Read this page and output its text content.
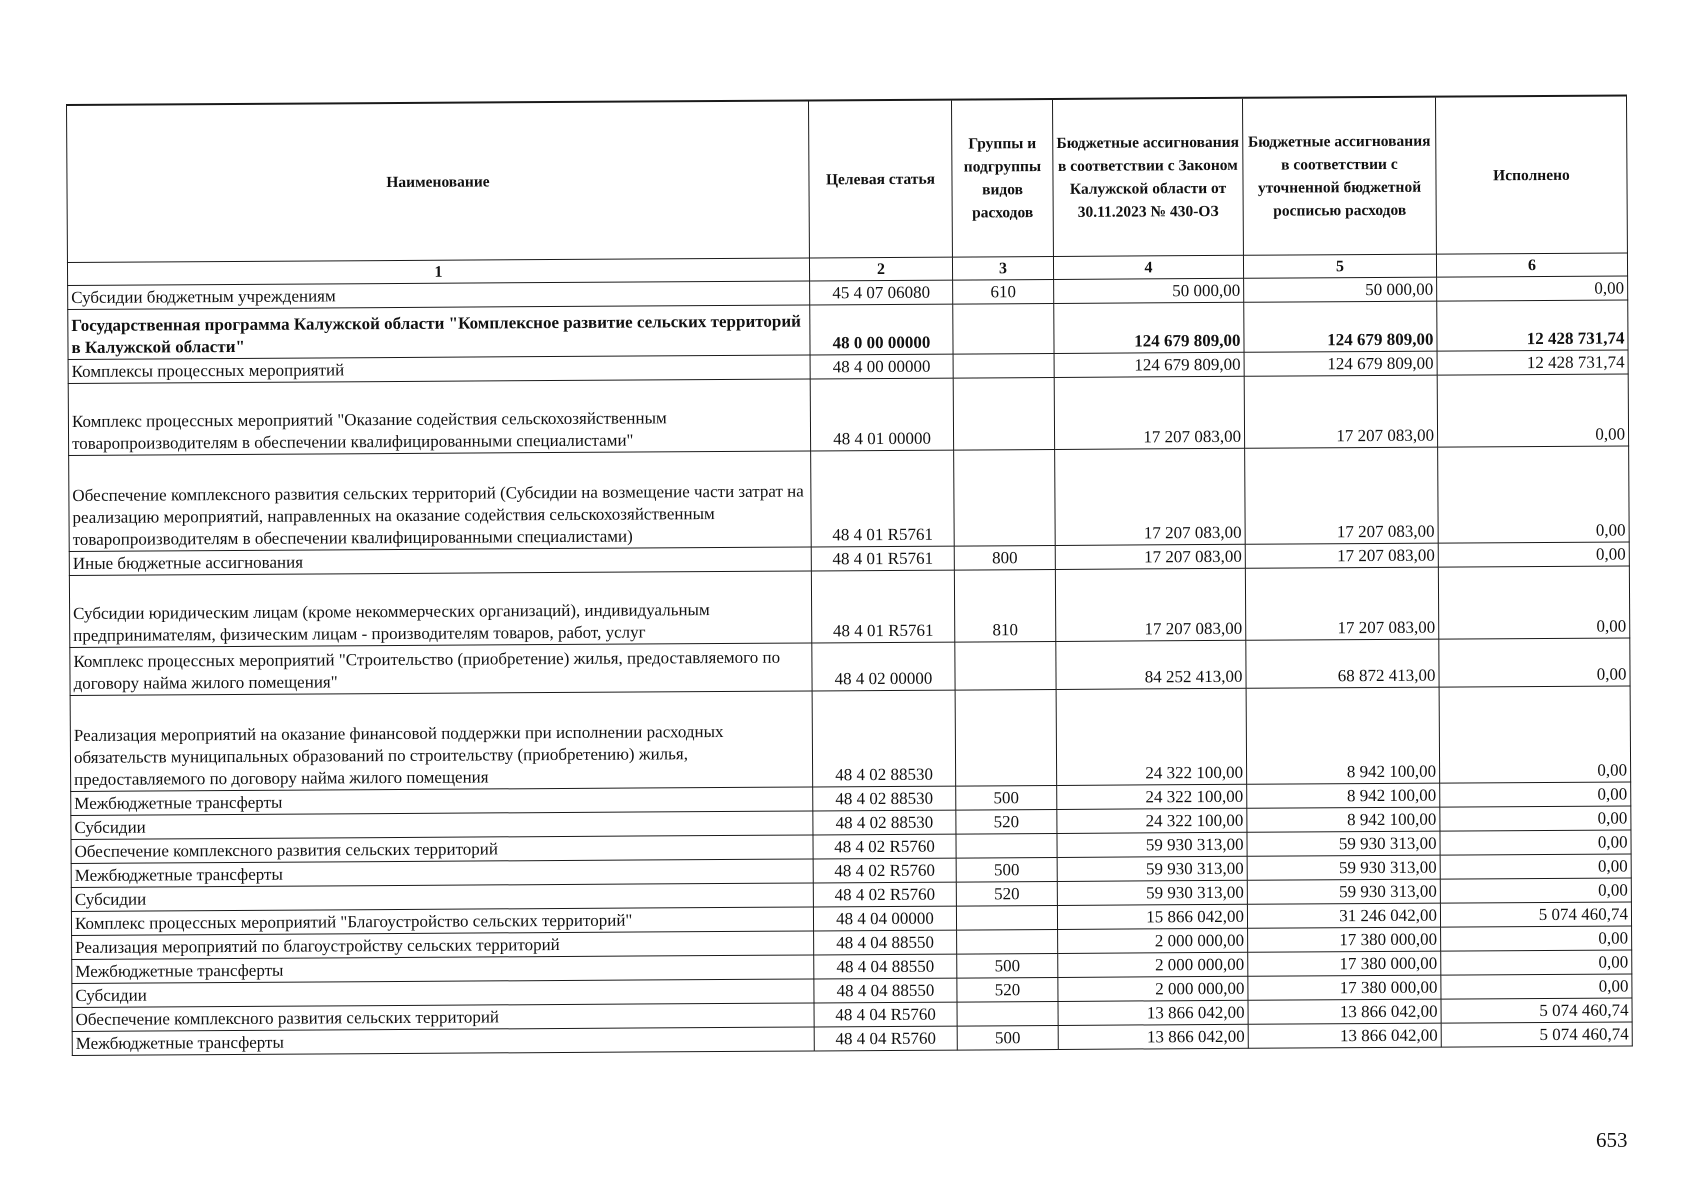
Наименование	Целевая статья	Группы и подгруппы видов расходов	Бюджетные ассигнования в соответствии с Законом Калужской области от 30.11.2023 № 430-ОЗ	Бюджетные ассигнования в соответствии с уточненной бюджетной росписью расходов	Исполнено
1	2	3	4	5	6
Субсидии бюджетным учреждениям	45 4 07 06080	610	50 000,00	50 000,00	0,00
Государственная программа Калужской области "Комплексное развитие сельских территорий в Калужской области"	48 0 00 00000		124 679 809,00	124 679 809,00	12 428 731,74
Комплексы процессных мероприятий	48 4 00 00000		124 679 809,00	124 679 809,00	12 428 731,74
Комплекс процессных мероприятий "Оказание содействия сельскохозяйственным товаропроизводителям в обеспечении квалифицированными специалистами"	48 4 01 00000		17 207 083,00	17 207 083,00	0,00
Обеспечение комплексного развития сельских территорий (Субсидии на возмещение части затрат на реализацию мероприятий, направленных на оказание содействия сельскохозяйственным товаропроизводителям в обеспечении квалифицированными специалистами)	48 4 01 R5761		17 207 083,00	17 207 083,00	0,00
Иные бюджетные ассигнования	48 4 01 R5761	800	17 207 083,00	17 207 083,00	0,00
Субсидии юридическим лицам (кроме некоммерческих организаций), индивидуальным предпринимателям, физическим лицам - производителям товаров, работ, услуг	48 4 01 R5761	810	17 207 083,00	17 207 083,00	0,00
Комплекс процессных мероприятий "Строительство (приобретение) жилья, предоставляемого по договору найма жилого помещения"	48 4 02 00000		84 252 413,00	68 872 413,00	0,00
Реализация мероприятий на оказание финансовой поддержки при исполнении расходных обязательств муниципальных образований по строительству (приобретению) жилья, предоставляемого по договору найма жилого помещения	48 4 02 88530		24 322 100,00	8 942 100,00	0,00
Межбюджетные трансферты	48 4 02 88530	500	24 322 100,00	8 942 100,00	0,00
Субсидии	48 4 02 88530	520	24 322 100,00	8 942 100,00	0,00
Обеспечение комплексного развития сельских территорий	48 4 02 R5760		59 930 313,00	59 930 313,00	0,00
Межбюджетные трансферты	48 4 02 R5760	500	59 930 313,00	59 930 313,00	0,00
Субсидии	48 4 02 R5760	520	59 930 313,00	59 930 313,00	0,00
Комплекс процессных мероприятий "Благоустройство сельских территорий"	48 4 04 00000		15 866 042,00	31 246 042,00	5 074 460,74
Реализация мероприятий по благоустройству сельских территорий	48 4 04 88550		2 000 000,00	17 380 000,00	0,00
Межбюджетные трансферты	48 4 04 88550	500	2 000 000,00	17 380 000,00	0,00
Субсидии	48 4 04 88550	520	2 000 000,00	17 380 000,00	0,00
Обеспечение комплексного развития сельских территорий	48 4 04 R5760		13 866 042,00	13 866 042,00	5 074 460,74
Межбюджетные трансферты	48 4 04 R5760	500	13 866 042,00	13 866 042,00	5 074 460,74
653
